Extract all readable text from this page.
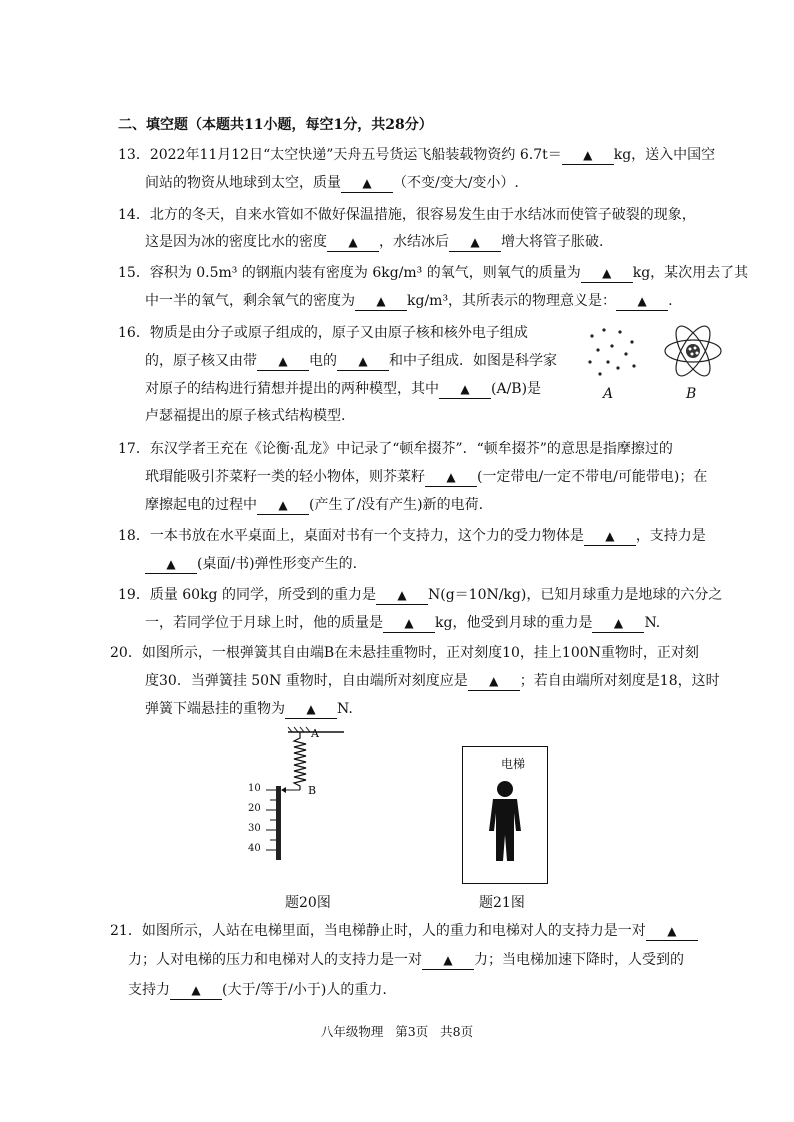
二、填空题（本题共11小题，每空1分，共28分）
13．2022年11月12日“太空快递”天舟五号货运飞船装载物资约 6.7t＝ ▲ kg，送入中国空
间站的物资从地球到太空，质量 ▲ （不变/变大/变小）.
14．北方的冬天，自来水管如不做好保温措施，很容易发生由于水结冰而使管子破裂的现象，
这是因为冰的密度比水的密度 ▲ ，水结冰后 ▲ 增大将管子胀破.
15．容积为 0.5m³ 的钢瓶内装有密度为 6kg/m³ 的氧气，则氧气的质量为 ▲ kg，某次用去了其
中一半的氧气，剩余氧气的密度为 ▲ kg/m³，其所表示的物理意义是： ▲ .
16．物质是由分子或原子组成的，原子又由原子核和核外电子组成
的，原子核又由带 ▲ 电的 ▲ 和中子组成．如图是科学家
对原子的结构进行猜想并提出的两种模型，其中 ▲ (A/B)是
卢瑟福提出的原子核式结构模型.
A	B
17．东汉学者王充在《论衡·乱龙》中记录了“顿牟掇芥”．“顿牟掇芥”的意思是指摩擦过的
玳瑁能吸引芥菜籽一类的轻小物体，则芥菜籽 ▲ (一定带电/一定不带电/可能带电)；在
摩擦起电的过程中 ▲ (产生了/没有产生)新的电荷.
18．一本书放在水平桌面上，桌面对书有一个支持力，这个力的受力物体是 ▲ ，支持力是
▲ (桌面/书)弹性形变产生的.
19．质量 60kg 的同学，所受到的重力是 ▲ N(g＝10N/kg)，已知月球重力是地球的六分之
一，若同学位于月球上时，他的质量是 ▲ kg，他受到月球的重力是 ▲ N.
20．如图所示，一根弹簧其自由端B在未悬挂重物时，正对刻度10，挂上100N重物时，正对刻
度30．当弹簧挂 50N 重物时，自由端所对刻度应是 ▲ ；若自由端所对刻度是18，这时
弹簧下端悬挂的重物为 ▲ N.
A
B
10
20
30
40
题20图
电梯
题21图
21．如图所示，人站在电梯里面，当电梯静止时，人的重力和电梯对人的支持力是一对 ▲
力；人对电梯的压力和电梯对人的支持力是一对 ▲ 力；当电梯加速下降时，人受到的
支持力 ▲ (大于/等于/小于)人的重力.
八年级物理   第3页   共8页
